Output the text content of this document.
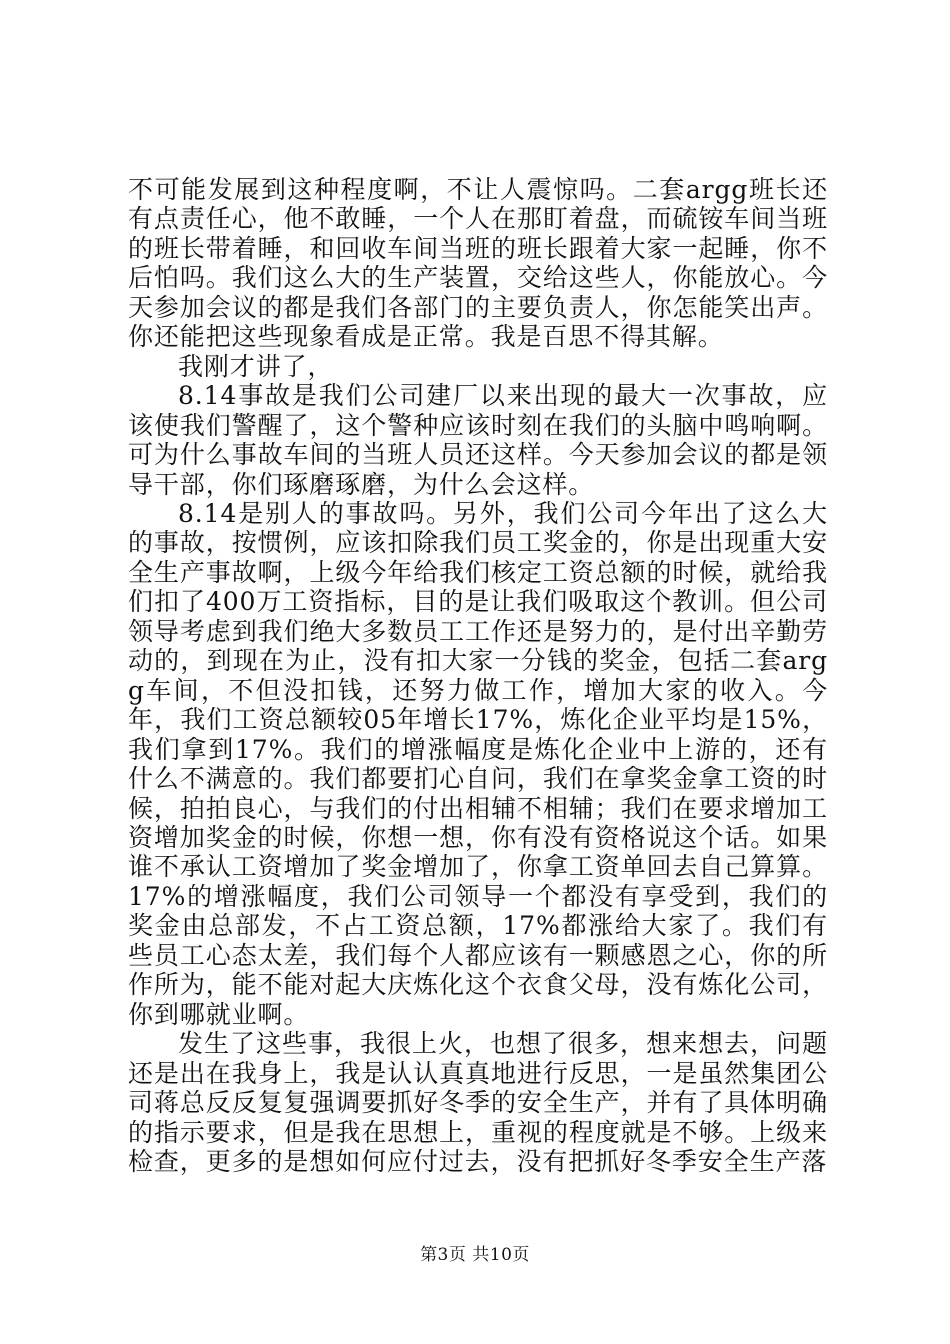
不可能发展到这种程度啊，不让人震惊吗。二套argg班长还有点责任心，他不敢睡，一个人在那盯着盘，而硫铵车间当班的班长带着睡，和回收车间当班的班长跟着大家一起睡，你不后怕吗。我们这么大的生产装置，交给这些人，你能放心。今天参加会议的都是我们各部门的主要负责人，你怎能笑出声。你还能把这些现象看成是正常。我是百思不得其解。

我刚才讲了，

8.14事故是我们公司建厂以来出现的最大一次事故，应该使我们警醒了，这个警种应该时刻在我们的头脑中鸣响啊。可为什么事故车间的当班人员还这样。今天参加会议的都是领导干部，你们琢磨琢磨，为什么会这样。

8.14是别人的事故吗。另外，我们公司今年出了这么大的事故，按惯例，应该扣除我们员工奖金的，你是出现重大安全生产事故啊，上级今年给我们核定工资总额的时候，就给我们扣了400万工资指标，目的是让我们吸取这个教训。但公司领导考虑到我们绝大多数员工工作还是努力的，是付出辛勤劳动的，到现在为止，没有扣大家一分钱的奖金，包括二套argg车间，不但没扣钱，还努力做工作，增加大家的收入。今年，我们工资总额较05年增长17%，炼化企业平均是15%，我们拿到17%。我们的增涨幅度是炼化企业中上游的，还有什么不满意的。我们都要扪心自问，我们在拿奖金拿工资的时候，拍拍良心，与我们的付出相辅不相辅；我们在要求增加工资增加奖金的时候，你想一想，你有没有资格说这个话。如果谁不承认工资增加了奖金增加了，你拿工资单回去自己算算。17%的增涨幅度，我们公司领导一个都没有享受到，我们的奖金由总部发，不占工资总额，17%都涨给大家了。我们有些员工心态太差，我们每个人都应该有一颗感恩之心，你的所作所为，能不能对起大庆炼化这个衣食父母，没有炼化公司，你到哪就业啊。

发生了这些事，我很上火，也想了很多，想来想去，问题还是出在我身上，我是认认真真地进行反思，一是虽然集团公司蒋总反反复复强调要抓好冬季的安全生产，并有了具体明确的指示要求，但是我在思想上，重视的程度就是不够。上级来检查，更多的是想如何应付过去，没有把抓好冬季安全生产落

第3页 共10页
